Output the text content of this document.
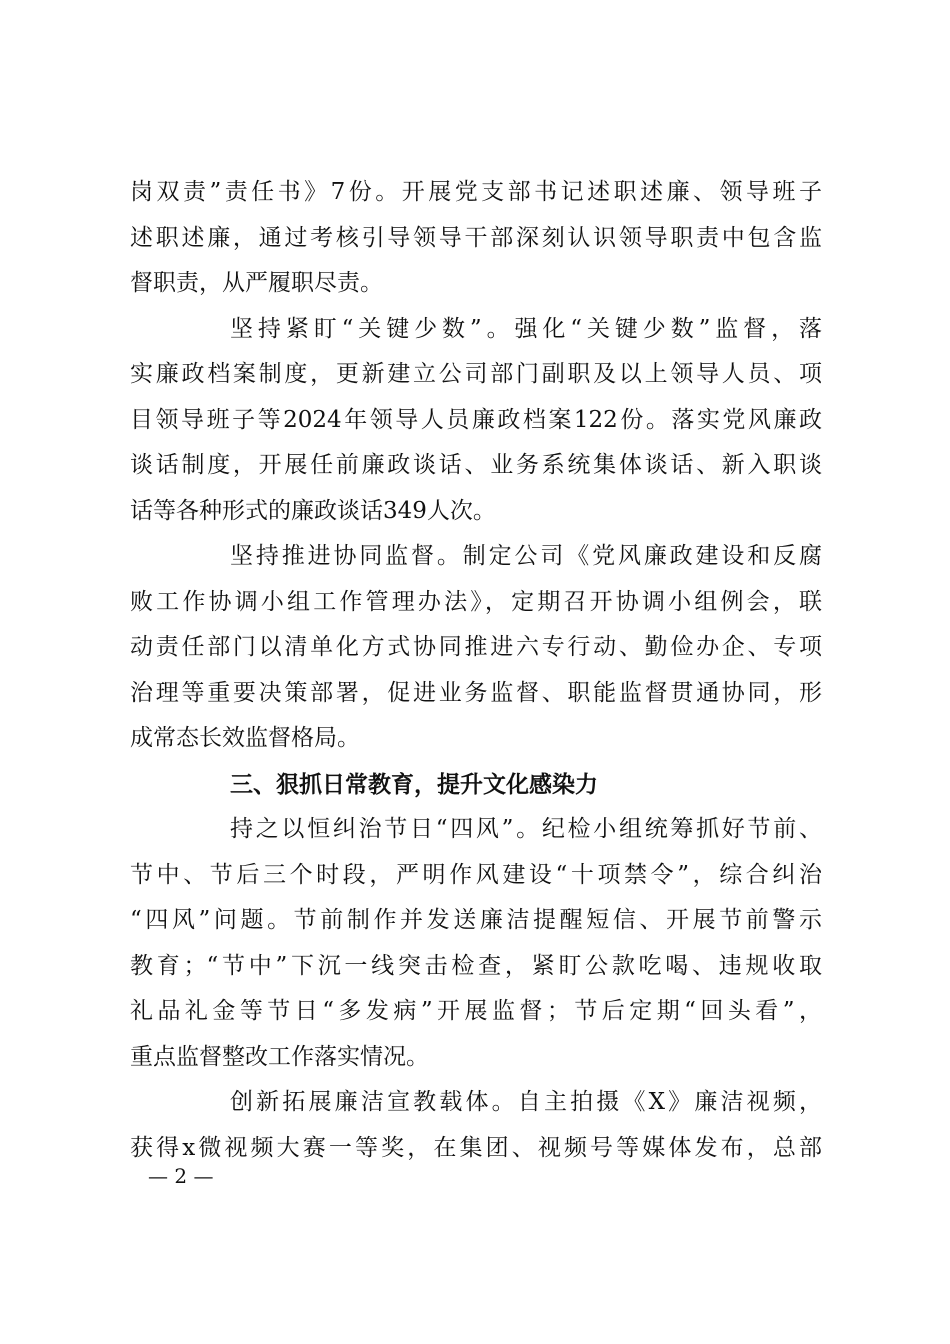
岗双责”责任书》7份。开展党支部书记述职述廉、领导班子
述职述廉，通过考核引导领导干部深刻认识领导职责中包含监
督职责，从严履职尽责。
坚持紧盯“关键少数”。强化“关键少数”监督，落
实廉政档案制度，更新建立公司部门副职及以上领导人员、项
目领导班子等2024年领导人员廉政档案122份。落实党风廉政
谈话制度，开展任前廉政谈话、业务系统集体谈话、新入职谈
话等各种形式的廉政谈话349人次。
坚持推进协同监督。制定公司《党风廉政建设和反腐
败工作协调小组工作管理办法》，定期召开协调小组例会，联
动责任部门以清单化方式协同推进六专行动、勤俭办企、专项
治理等重要决策部署，促进业务监督、职能监督贯通协同，形
成常态长效监督格局。
三、狠抓日常教育，提升文化感染力
持之以恒纠治节日“四风”。纪检小组统筹抓好节前、
节中、节后三个时段，严明作风建设“十项禁令”，综合纠治
“四风”问题。节前制作并发送廉洁提醒短信、开展节前警示
教育；“节中”下沉一线突击检查，紧盯公款吃喝、违规收取
礼品礼金等节日“多发病”开展监督；节后定期“回头看”，
重点监督整改工作落实情况。
创新拓展廉洁宣教载体。自主拍摄《X》廉洁视频，
获得x微视频大赛一等奖，在集团、视频号等媒体发布，总部
— 2 —
